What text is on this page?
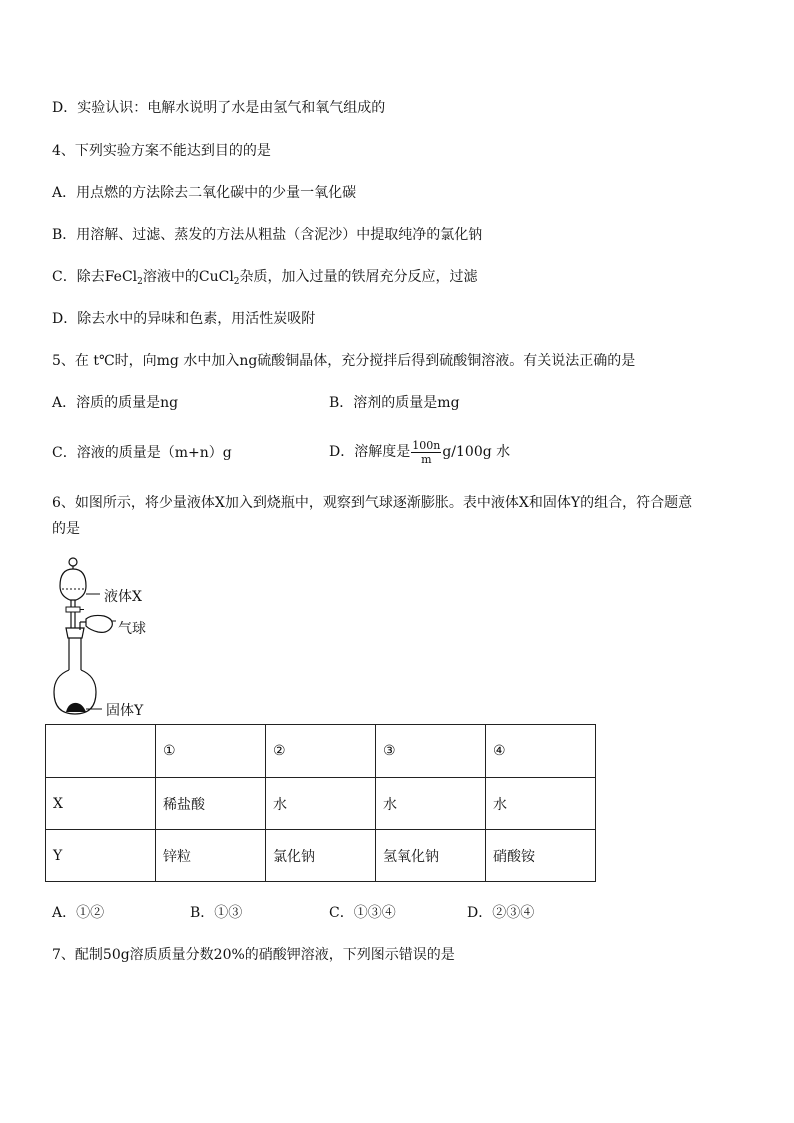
D．实验认识：电解水说明了水是由氢气和氧气组成的
4、下列实验方案不能达到目的的是
A．用点燃的方法除去二氧化碳中的少量一氧化碳
B．用溶解、过滤、蒸发的方法从粗盐（含泥沙）中提取纯净的氯化钠
C．除去FeCl$_2$溶液中的CuCl$_2$杂质，加入过量的铁屑充分反应，过滤
D．除去水中的异味和色素，用活性炭吸附
5、在 t℃时，向mg 水中加入ng硫酸铜晶体，充分搅拌后得到硫酸铜溶液。有关说法正确的是
A．溶质的质量是ng	B．溶剂的质量是mg
C．溶液的质量是（m+n）g	D．溶解度是 $\frac{100n}{m} g/100g$ 水
6、如图所示，将少量液体X加入到烧瓶中，观察到气球逐渐膨胀。表中液体X和固体Y的组合，符合题意
的是
液体X
气球
固体Y
	①	②	③	④
X	稀盐酸	水	水	水
Y	锌粒	氯化钠	氢氧化钠	硝酸铵
A．①②	B．①③	C．①③④	D．②③④
7、配制50g溶质质量分数20%的硝酸钾溶液，下列图示错误的是
